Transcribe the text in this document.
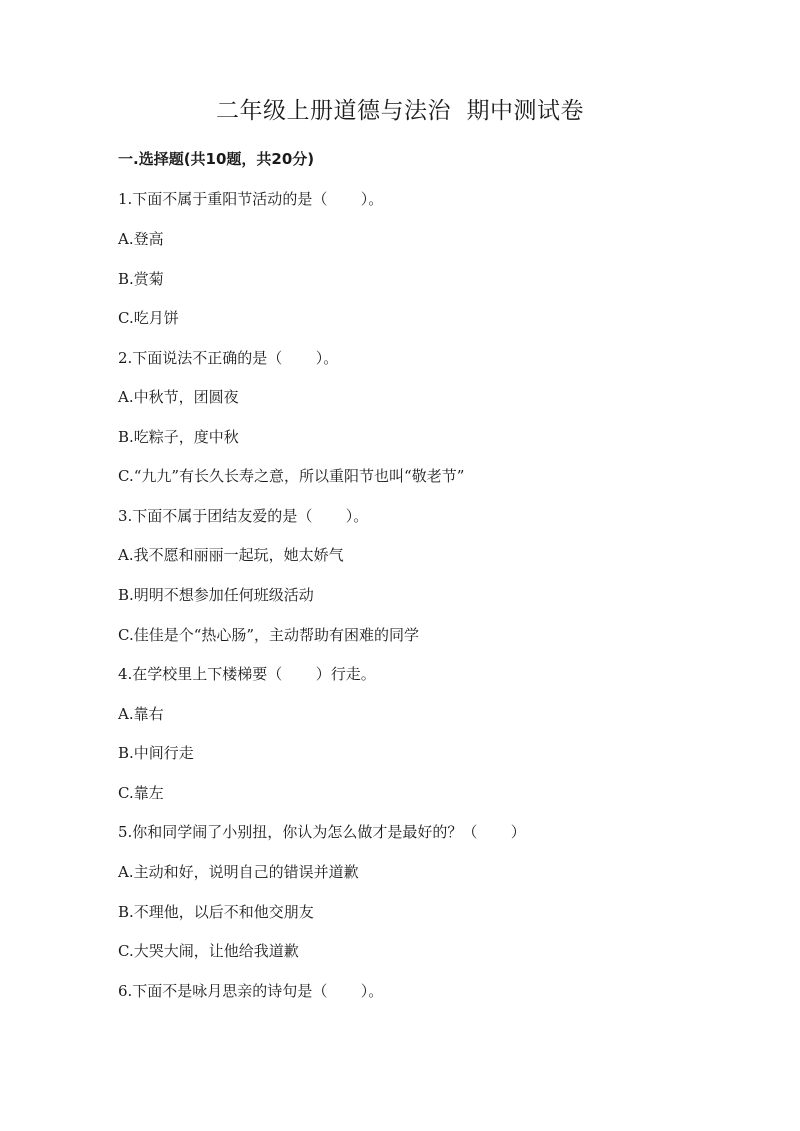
二年级上册道德与法治  期中测试卷
一.选择题(共10题，共20分)
1.下面不属于重阳节活动的是（       ）。
A.登高
B.赏菊
C.吃月饼
2.下面说法不正确的是（       ）。
A.中秋节，团圆夜
B.吃粽子，度中秋
C.“九九”有长久长寿之意，所以重阳节也叫“敬老节”
3.下面不属于团结友爱的是（       ）。
A.我不愿和丽丽一起玩，她太娇气
B.明明不想参加任何班级活动
C.佳佳是个“热心肠”，主动帮助有困难的同学
4.在学校里上下楼梯要（       ）行走。
A.靠右
B.中间行走
C.靠左
5.你和同学闹了小别扭，你认为怎么做才是最好的？（       ）
A.主动和好，说明自己的错误并道歉
B.不理他，以后不和他交朋友
C.大哭大闹，让他给我道歉
6.下面不是咏月思亲的诗句是（       ）。
